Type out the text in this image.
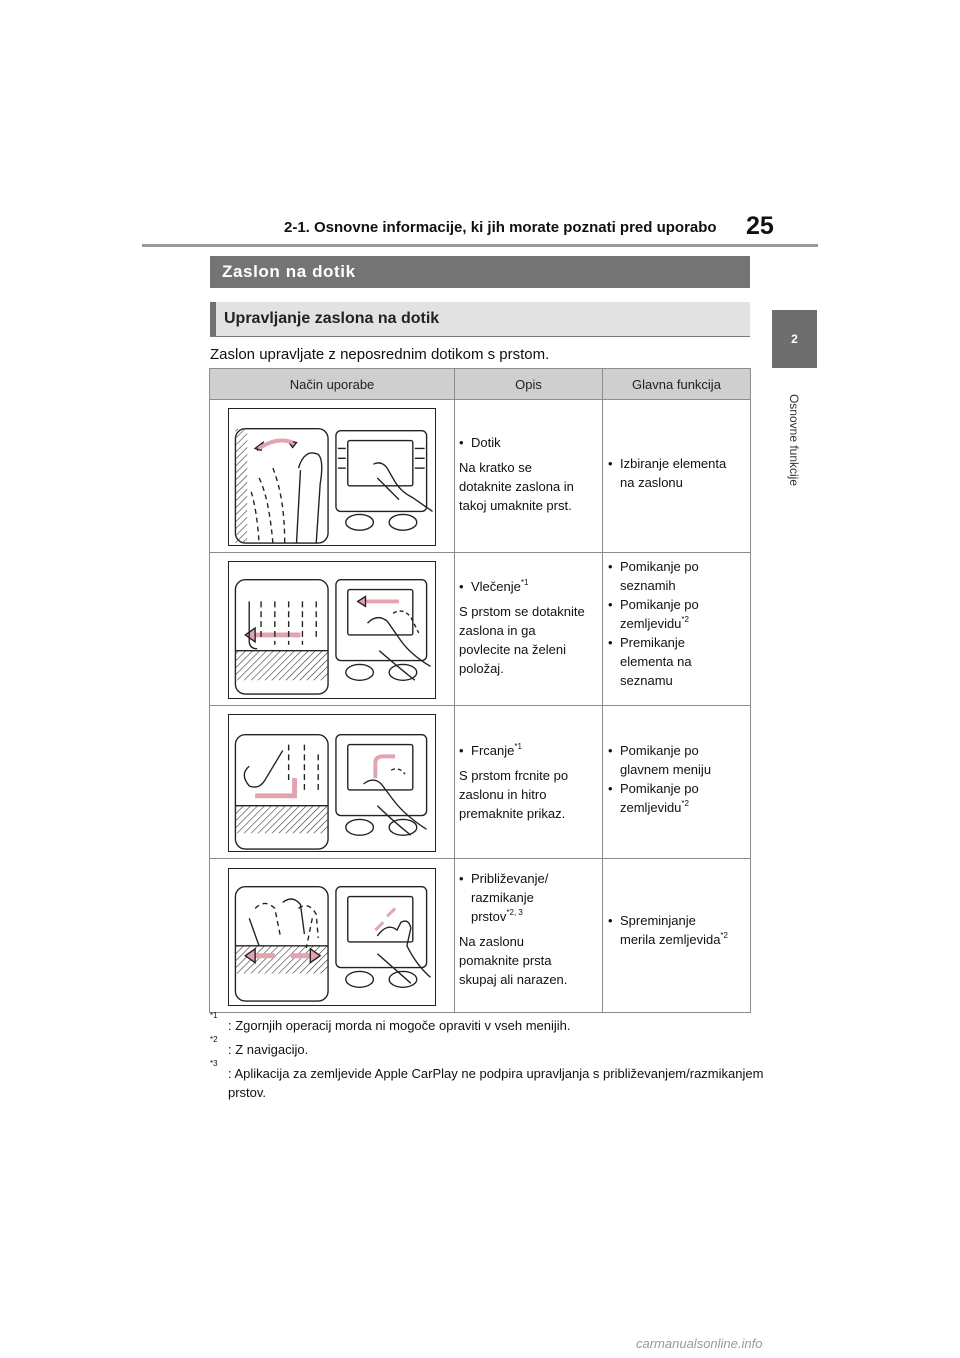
2-1. Osnovne informacije, ki jih morate poznati pred uporabo 25
2
Osnovne funkcije
Zaslon na dotik
Upravljanje zaslona na dotik
Zaslon upravljate z neposrednim dotikom s prstom.
Način uporabe	Opis	Glavna funkcija

• Dotik

Na kratko se

dotaknite zaslona in

takoj umaknite prst.

• Izbiranje elementa
na zaslonu

• Vlečenje$^{*1}$

S prstom se dotaknite

zaslona in ga

povlecite na želeni

položaj.

• Pomikanje po
seznamih

• Pomikanje po
zemljevidu$^{*2}$

• Premikanje
elementa na
seznamu

• Frcanje$^{*1}$

S prstom frcnite po

zaslonu in hitro

premaknite prikaz.

• Pomikanje po
glavnem meniju

• Pomikanje po
zemljevidu$^{*2}$

• Približevanje/
razmikanje
prstov$^{*2, 3}$

Na zaslonu

pomaknite prsta

skupaj ali narazen.

• Spreminjanje
merila zemljevida$^{*2}$

*1
: Zgornjih operacij morda ni mogoče opraviti v vseh menijih.
*2
: Z navigacijo.
*3
: Aplikacija za zemljevide Apple CarPlay ne podpira upravljanja s približevanjem/razmikanjem prstov.
carmanualsonline.info
